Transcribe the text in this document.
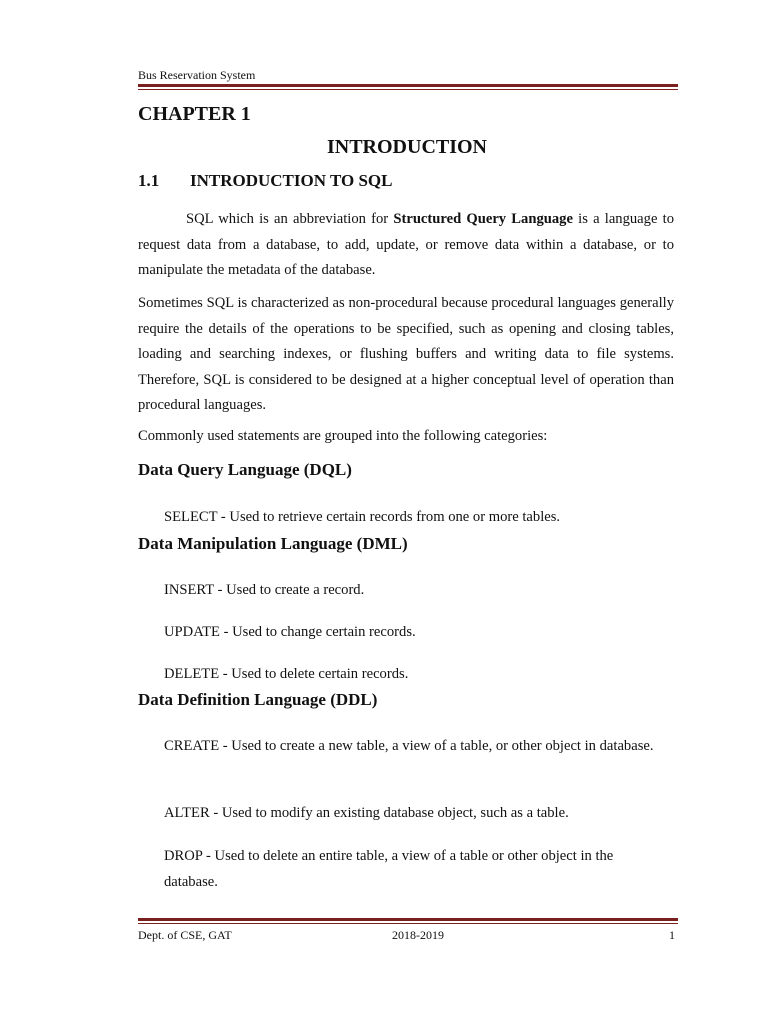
Bus Reservation System
CHAPTER 1
INTRODUCTION
1.1 INTRODUCTION TO SQL
SQL which is an abbreviation for Structured Query Language is a language to request data from a database, to add, update, or remove data within a database, or to manipulate the metadata of the database.
Sometimes SQL is characterized as non-procedural because procedural languages generally require the details of the operations to be specified, such as opening and closing tables, loading and searching indexes, or flushing buffers and writing data to file systems. Therefore, SQL is considered to be designed at a higher conceptual level of operation than procedural languages.
Commonly used statements are grouped into the following categories:
Data Query Language (DQL)
SELECT - Used to retrieve certain records from one or more tables.
Data Manipulation Language (DML)
INSERT - Used to create a record.
UPDATE - Used to change certain records.
DELETE - Used to delete certain records.
Data Definition Language (DDL)
CREATE - Used to create a new table, a view of a table, or other object in database.
ALTER - Used to modify an existing database object, such as a table.
DROP - Used to delete an entire table, a view of a table or other object in the database.
Dept. of CSE, GAT	2018-2019	1
